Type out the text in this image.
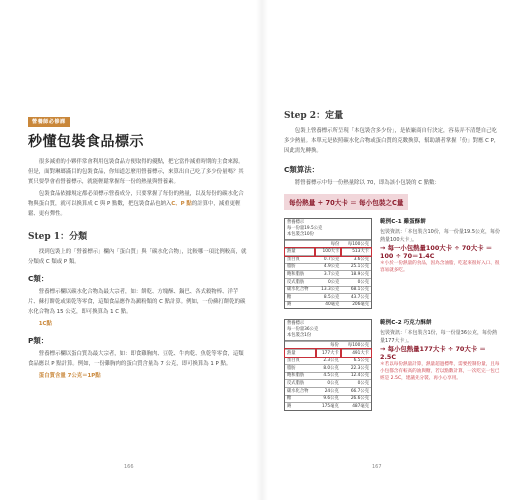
營養師必修課
秒懂包裝食品標示

很多減重的小夥伴常會利用包裝食品方便取得的優點，把它當作減重時期的主食來源。但是，面對琳瑯滿目的包裝食品，你知道怎麼用營養標示，來算出自己吃了多少份量嗎？其實只要學會看營養標示，就能輕鬆掌握每一份的熱量與營養素。

包裝食品依據規定都必須標示營養成分，只要掌握了每份的熱量，以及每份的碳水化合物與蛋白質，就可以換算成 C 與 P 點數，把包裝食品也納入C、P 點的計算中，減重更輕鬆、更有彈性。

Step 1：分類

找到包裝上的「營養標示」欄內「蛋白質」與「碳水化合物」，比較哪一項比例較高，就分類成 C 類或 P 類。

C類：

營養標示欄以碳水化合物為最大宗者，如：餅乾、方塊酥、鍋巴、各式穀物棒、洋芋片、蘇打餅乾或果乾等零食，這類食品應作為澱粉類的 C 點計算。例如，一份蘇打餅乾的碳水化合物為 15 公克，即可換算為 1 C 點。

1C點

P類：

營養標示欄以蛋白質為最大宗者，如：即食雞胸肉、豆乾、牛肉乾、魚乾等零食，這類食品應以 P 點計算。例如，一份雞胸肉的蛋白質含量為 7 公克，即可換算為 1 P 點。

蛋白質含量 7公克＝1P點

166
Step 2：定量

包裝上營養標示所呈現「本包裝含多少份」，是依廠商自行決定，容易弄不清楚自己吃多少熱量。本單元是依照碳水化合物或蛋白質的克數換算，幫助讀者掌握「份」對應 C P，因此需先轉換。

C類算法：

將營養標示中每一份熱量除以 70，即為該小包裝的 C 點數：

每份熱量 ÷ 70大卡 ＝ 每小包裝之C量
營養標示
每一份量19.5公克
本包裝含10份
	每份	每100公克
熱量	100大卡	513大卡
蛋白質	0.7公克	3.6公克
脂肪	4.9公克	25.1公克
飽和脂肪	3.7公克	18.9公克
反式脂肪	0公克	0公克
碳水化合物	13.3公克	68.1公克
糖	8.5公克	43.7公克
鈉	40毫克	206毫克
範例C-1 雞蛋酥餅
包裝資訊：「本包裝含10份，每一份量19.5公克，每份熱量100大卡」。
→ 每一小包熱量100大卡 ÷ 70大卡 ＝ 100 ÷ 70＝1.4C
＊小於一份熱量的食品，因為含油脂，吃起來很好入口、很容易就多吃。
營養標示
每一份量36公克
本包裝含1份
	每份	每100公克
熱量	177大卡	491大卡
蛋白質	2.3公克	6.5公克
脂肪	8.0公克	22.3公克
飽和脂肪	4.5公克	12.4公克
反式脂肪	0公克	0公克
碳水化合物	24公克	66.7公克
糖	9.6公克	26.6公克
鈉	175毫克	487毫克
範例C-2 巧克力酥餅
包裝資訊：「本包裝含1份，每一份量36公克，每份熱量177大卡」。
→ 每小包熱量177大卡 ÷ 70大卡 ＝ 2.5C
＊若以每份熱量計算，熱量超過標準，需要控制份量，且每小包都含有較高的油與糖，若以點數計算，一次吃完一包已經是 2.5C，建議先分裝、再小心享用。
167
